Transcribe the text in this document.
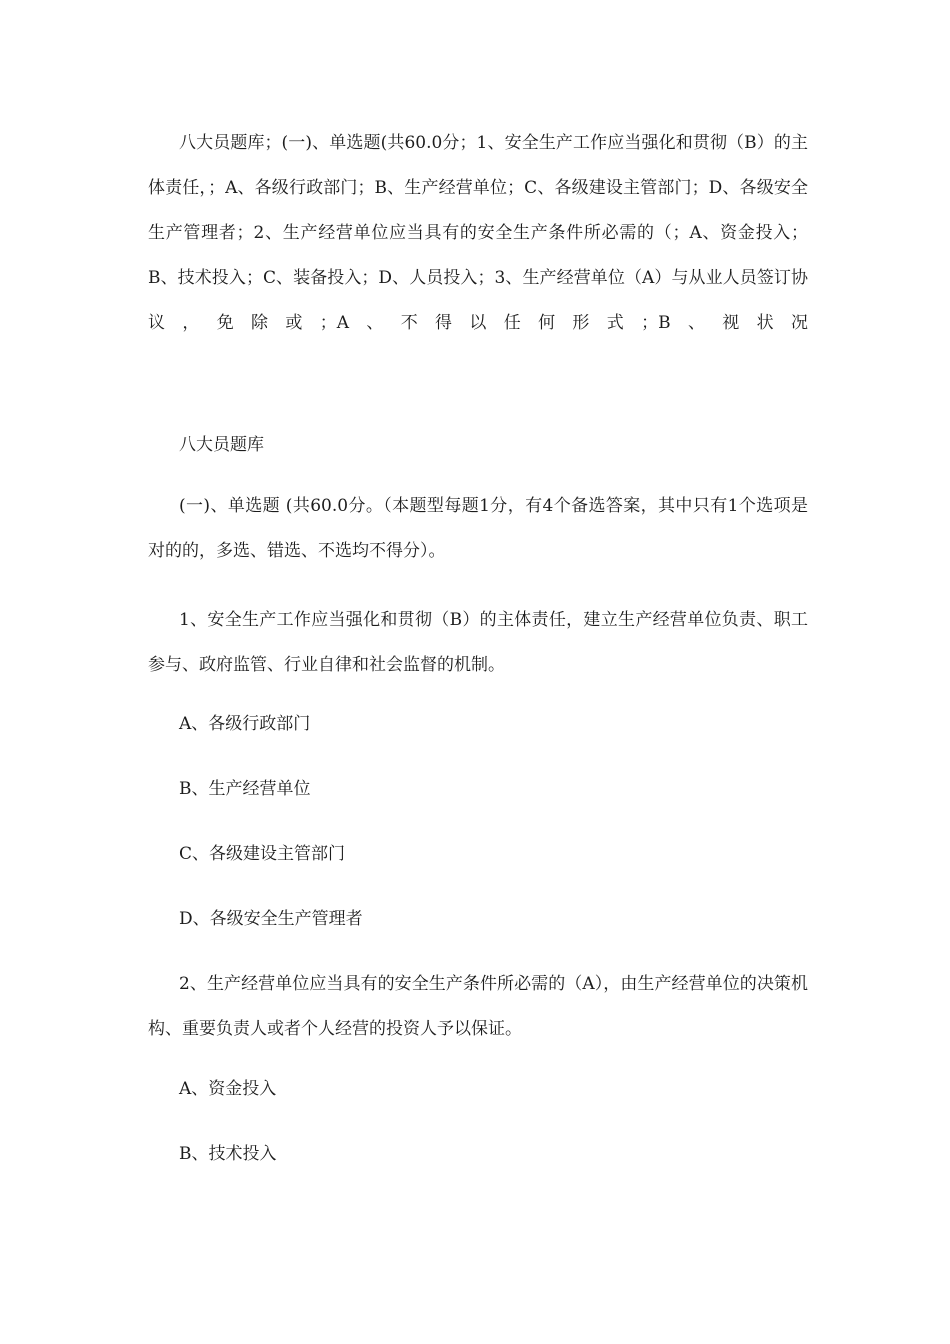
八大员题库；(一)、单选题(共60.0分；1、安全生产工作应当强化和贯彻（B）的主体责任，；A、各级行政部门；B、生产经营单位；C、各级建设主管部门；D、各级安全生产管理者；2、生产经营单位应当具有的安全生产条件所必需的（；A、资金投入；B、技术投入；C、装备投入；D、人员投入；3、生产经营单位（A）与从业人员签订协议，免除或；A、不得以任何形式；B、视状况
八大员题库
(一)、单选题 (共60.0分。（本题型每题1分，有4个备选答案，其中只有1个选项是对的的，多选、错选、不选均不得分）。
1、安全生产工作应当强化和贯彻（B）的主体责任，建立生产经营单位负责、职工参与、政府监管、行业自律和社会监督的机制。
A、各级行政部门
B、生产经营单位
C、各级建设主管部门
D、各级安全生产管理者
2、生产经营单位应当具有的安全生产条件所必需的（A），由生产经营单位的决策机构、重要负责人或者个人经营的投资人予以保证。
A、资金投入
B、技术投入
